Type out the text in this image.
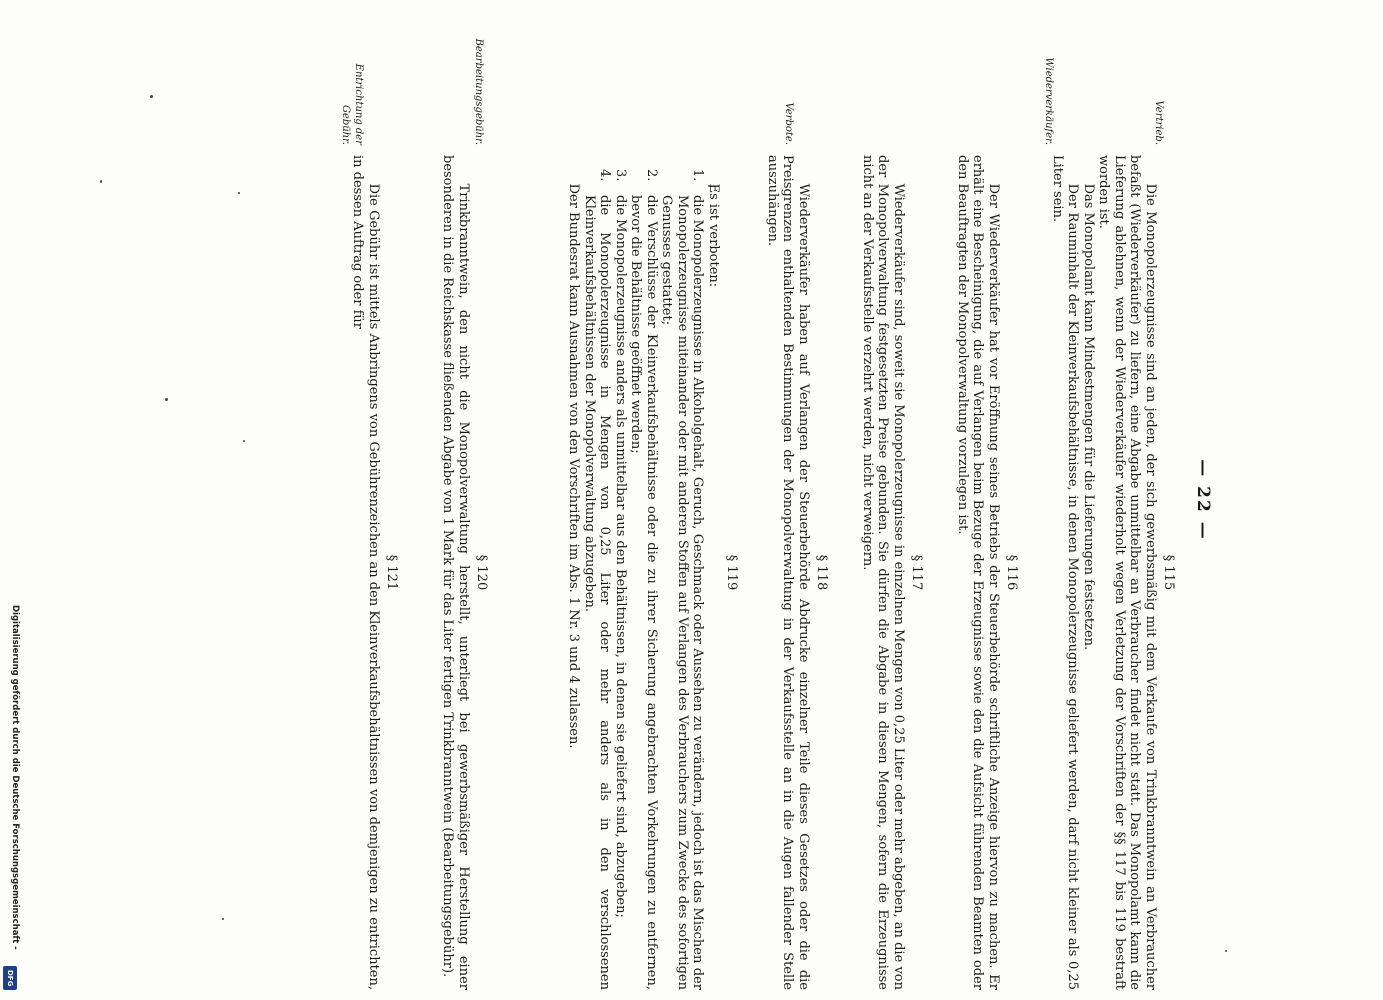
— 22 —
Vertrieb.
Wiederverkäufer.
Verbote.
Bearbeitungsgebühr.
Entrichtung der Gebühr.
§ 115

Die Monopolerzeugnisse sind an jeden, der sich gewerbsmäßig mit dem Verkaufe von Trinkbranntwein an Verbraucher befaßt (Wiederverkäufer) zu liefern, eine Abgabe unmittelbar an Verbraucher findet nicht statt. Das Monopolamt kann die Lieferung ablehnen, wenn der Wiederverkäufer wiederholt wegen Verletzung der Vorschriften der §§ 117 bis 119 bestraft worden ist.

Das Monopolamt kann Mindestmengen für die Lieferungen festsetzen.

Der Rauminhalt der Kleinverkaufsbehältnisse, in denen Monopolerzeugnisse geliefert werden, darf nicht kleiner als 0,25 Liter sein.

§ 116

Der Wiederverkäufer hat vor Eröffnung seines Betriebs der Steuerbehörde schriftliche Anzeige hiervon zu machen. Er erhält eine Bescheinigung, die auf Verlangen beim Bezuge der Erzeugnisse sowie den die Aufsicht führenden Beamten oder den Beauftragten der Monopolverwaltung vorzulegen ist.

§ 117

Wiederverkäufer sind, soweit sie Monopolerzeugnisse in einzelnen Mengen von 0,25 Liter oder mehr abgeben, an die von der Monopolverwaltung festgesetzten Preise gebunden. Sie dürfen die Abgabe in diesen Mengen, sofern die Erzeugnisse nicht an der Verkaufsstelle verzehrt werden, nicht verweigern.

§ 118

Wiederverkäufer haben auf Verlangen der Steuerbehörde Abdrucke einzelner Teile dieses Gesetzes oder die die Preisgrenzen enthaltenden Bestimmungen der Monopolverwaltung in der Verkaufsstelle an in die Augen fallender Stelle auszuhängen.

§ 119

Es ist verboten:

1.
die Monopolerzeugnisse in Alkoholgehalt, Geruch, Geschmack oder Aussehen zu verändern, jedoch ist das Mischen der Monopolerzeugnisse miteinander oder mit anderen Stoffen auf Verlangen des Verbrauchers zum Zwecke des sofortigen Genusses gestattet;
2.
die Verschlüsse der Kleinverkaufsbehältnisse oder die zu ihrer Sicherung angebrachten Vorkehrungen zu entfernen, bevor die Behältnisse geöffnet werden;
3.
die Monopolerzeugnisse anders als unmittelbar aus den Behältnissen, in denen sie geliefert sind, abzugeben;
4.
die Monopolerzeugnisse in Mengen von 0,25 Liter oder mehr anders als in den verschlossenen Kleinverkaufsbehältnissen der Monopolverwaltung abzugeben.

Der Bundesrat kann Ausnahmen von den Vorschriften im Abs. 1 Nr. 3 und 4 zulassen.

§ 120

Trinkbranntwein, den nicht die Monopolverwaltung herstellt, unterliegt bei gewerbsmäßiger Herstellung einer besonderen in die Reichskasse fließenden Abgabe von 1 Mark für das Liter fertigen Trinkbranntwein (Bearbeitungsgebühr).

§ 121

Die Gebühr ist mittels Anbringens von Gebührenzeichen an den Kleinverkaufsbehältnissen von demjenigen zu entrichten, in dessen Auftrag oder für

Digitalisierung gefördert durch die Deutsche Forschungsgemeinschaft -
DFG
